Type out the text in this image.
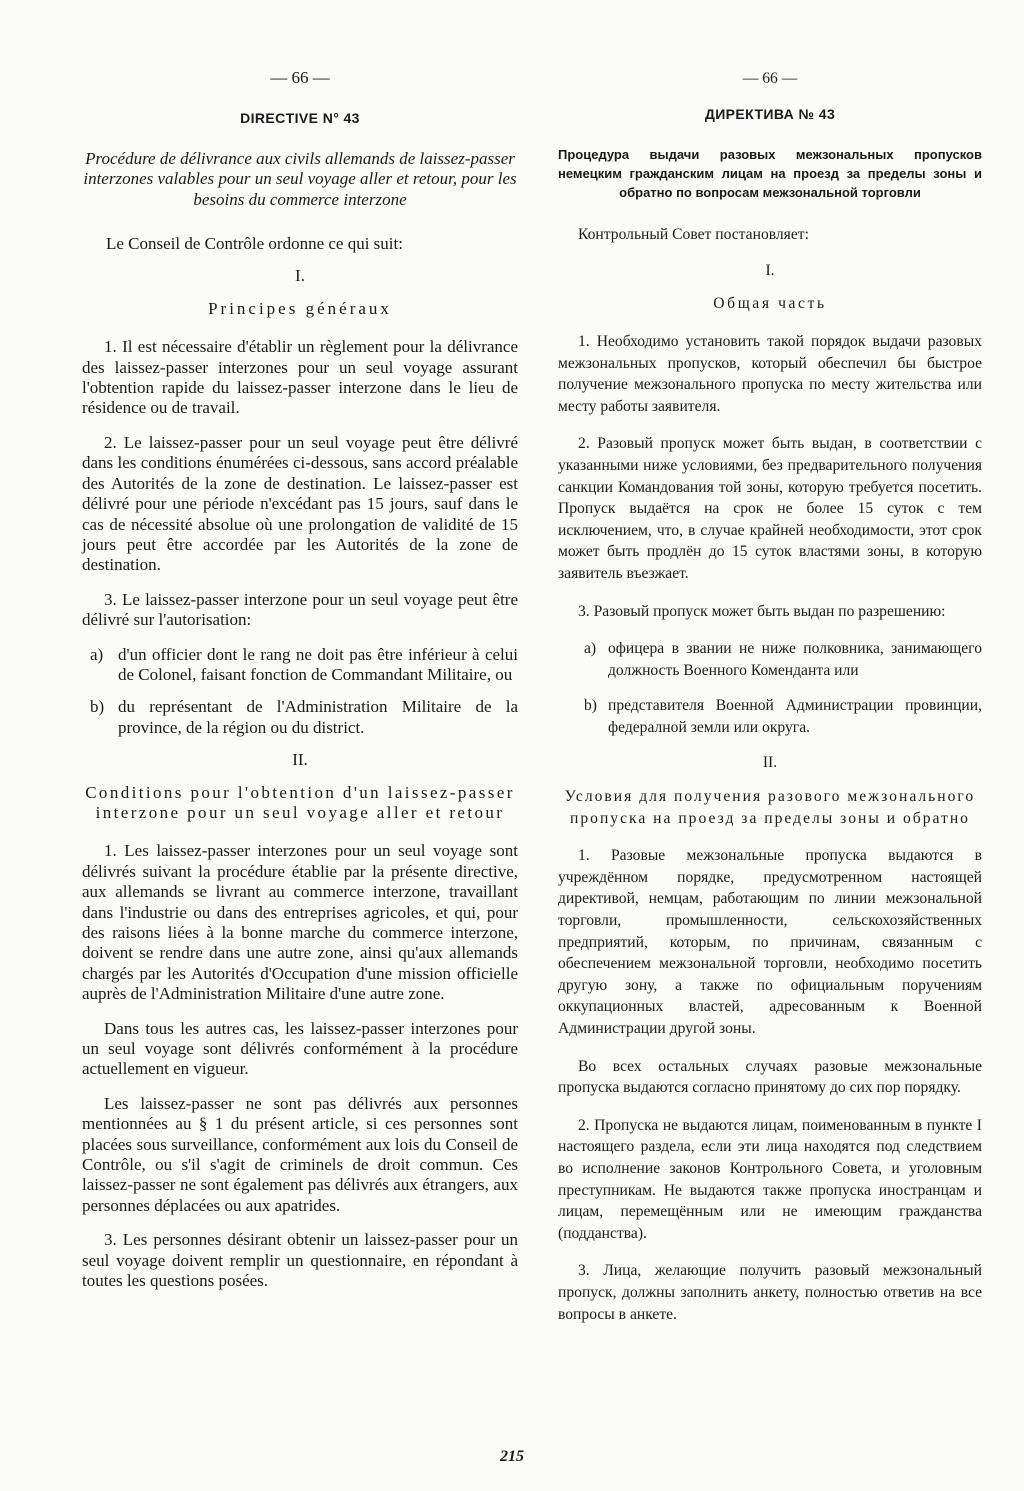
— 66 —
DIRECTIVE N° 43
Procédure de délivrance aux civils allemands de laissez-passer interzones valables pour un seul voyage aller et retour, pour les besoins du commerce interzone

Le Conseil de Contrôle ordonne ce qui suit:

I.
Principes généraux

1. Il est nécessaire d'établir un règlement pour la délivrance des laissez-passer interzones pour un seul voyage assurant l'obtention rapide du laissez-passer interzone dans le lieu de résidence ou de travail.

2. Le laissez-passer pour un seul voyage peut être délivré dans les conditions énumérées ci-dessous, sans accord préalable des Autorités de la zone de destination. Le laissez-passer est délivré pour une période n'excédant pas 15 jours, sauf dans le cas de nécessité absolue où une prolongation de validité de 15 jours peut être accordée par les Autorités de la zone de destination.

3. Le laissez-passer interzone pour un seul voyage peut être délivré sur l'autorisation:

a) d'un officier dont le rang ne doit pas être inférieur à celui de Colonel, faisant fonction de Commandant Militaire, ou
b) du représentant de l'Administration Militaire de la province, de la région ou du district.
II.
Conditions pour l'obtention d'un laissez-passer interzone pour un seul voyage aller et retour

1. Les laissez-passer interzones pour un seul voyage sont délivrés suivant la procédure établie par la présente directive, aux allemands se livrant au commerce interzone, travaillant dans l'industrie ou dans des entreprises agricoles, et qui, pour des raisons liées à la bonne marche du commerce interzone, doivent se rendre dans une autre zone, ainsi qu'aux allemands chargés par les Autorités d'Occupation d'une mission officielle auprès de l'Administration Militaire d'une autre zone.

Dans tous les autres cas, les laissez-passer interzones pour un seul voyage sont délivrés conformément à la procédure actuellement en vigueur.

Les laissez-passer ne sont pas délivrés aux personnes mentionnées au § 1 du présent article, si ces personnes sont placées sous surveillance, conformément aux lois du Conseil de Contrôle, ou s'il s'agit de criminels de droit commun. Ces laissez-passer ne sont également pas délivrés aux étrangers, aux personnes déplacées ou aux apatrides.

3. Les personnes désirant obtenir un laissez-passer pour un seul voyage doivent remplir un questionnaire, en répondant à toutes les questions posées.

— 66 —
ДИРЕКТИВА № 43
Процедура выдачи разовых межзональных пропусков немецким гражданским лицам на проезд за пределы зоны и обратно по вопросам межзональной торговли

Контрольный Совет постановляет:

I.
Общая часть

1. Необходимо установить такой порядок выдачи разовых межзональных пропусков, который обеспечил бы быстрое получение межзонального пропуска по месту жительства или месту работы заявителя.

2. Разовый пропуск может быть выдан, в соответствии с указанными ниже условиями, без предварительного получения санкции Командования той зоны, которую требуется посетить. Пропуск выдаётся на срок не более 15 суток с тем исключением, что, в случае крайней необходимости, этот срок может быть продлён до 15 суток властями зоны, в которую заявитель въезжает.

3. Разовый пропуск может быть выдан по разрешению:

а) офицера в звании не ниже полковника, занимающего должность Военного Коменданта или
b) представителя Военной Администрации провинции, федералной земли или округа.
II.
Условия для получения разового межзонального пропуска на проезд за пределы зоны и обратно

1. Разовые межзональные пропуска выдаются в учреждённом порядке, предусмотренном настоящей директивой, немцам, работающим по линии межзональной торговли, промышленности, сельскохозяйственных предприятий, которым, по причинам, связанным с обеспечением межзональной торговли, необходимо посетить другую зону, а также по официальным поручениям оккупационных властей, адресованным к Военной Администрации другой зоны.

Во всех остальных случаях разовые межзональные пропуска выдаются согласно принятому до сих пор порядку.

2. Пропуска не выдаются лицам, поименованным в пункте I настоящего раздела, если эти лица находятся под следствием во исполнение законов Контрольного Совета, и уголовным преступникам. Не выдаются также пропуска иностранцам и лицам, перемещённым или не имеющим гражданства (подданства).

3. Лица, желающие получить разовый межзональный пропуск, должны заполнить анкету, полностью ответив на все вопросы в анкете.

215
